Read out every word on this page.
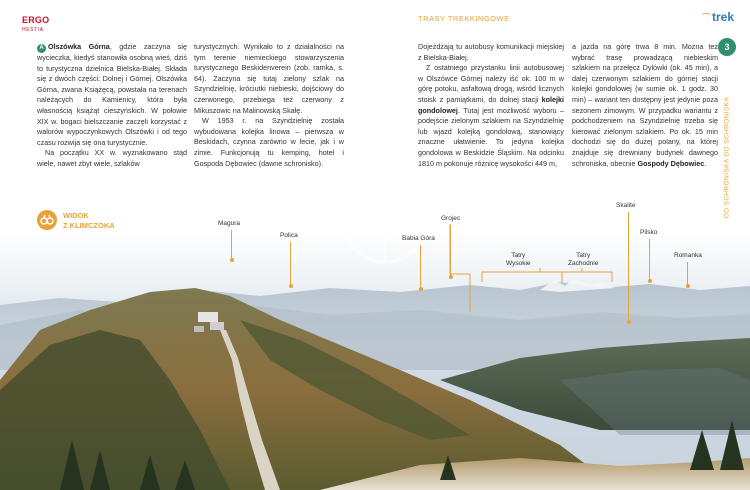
ERGO
HESTIA
TRASY TREKKINGOWE	⌒trek
3
OD SCHRONISKA DO SCHRONISKA

A Olszówka Górna, gdzie zaczyna się wycieczka, kiedyś stanowiła osobną wieś, dziś to turystyczna dzielnica Bielska-Białej. Składa się z dwóch części: Dolnej i Górnej. Olszówka Górna, zwana Książęcą, powstała na terenach należących do Kamienicy, która była własnością książąt cieszyńskich. W połowie XIX w. bogaci bielszczanie zaczęli korzystać z walorów wypoczynkowych Olszówki i od tego czasu rozwija się ona turystycznie.

Na początku XX w. wyznakowano stąd wiele, nawet zbyt wiele, szlaków

turystycznych. Wynikało to z działalności na tym terenie niemieckiego stowarzyszenia turystycznego Beskidenverein (zob. ramka, s. 64). Zaczyna się tutaj zielony szlak na Szyndzielnię, króciutki niebieski, dojściowy do czerwonego, przebiega też czerwony z Mikuszowic na Malinowską Skałę.

W 1953 r. na Szyndzielnię została wybudowana kolejka linowa – pierwsza w Beskidach, czynna zarówno w lecie, jak i w zimie. Funkcjonują tu kemping, hotel i Gospoda Dębowiec (dawne schronisko).

Dojeżdżają tu autobusy komunikacji miejskiej z Bielska-Białej.

Z ostatniego przystanku linii autobusowej w Olszówce Górnej należy iść ok. 100 m w górę potoku, asfaltową drogą, wśród licznych stoisk z pamiątkami, do dolnej stacji kolejki gondolowej. Tutaj jest możliwość wyboru – podejście zielonym szlakiem na Szyndzielnię lub wjazd kolejką gondolową, stanowiący znaczne ułatwienie. To jedyna kolejka gondolowa w Beskidzie Śląskim. Na odcinku 1810 m pokonuje różnicę wysokości 449 m,

a jazda na górę trwa 8 min. Można też wybrać trasę prowadzącą niebieskim szlakiem na przełęcz Dylówki (ok. 45 min), a dalej czerwonym szlakiem do górnej stacji kolejki gondolowej (w sumie ok. 1 godz. 30 min) – wariant ten dostępny jest jedynie poza sezonem zimowym. W przypadku wariantu z podchodzeniem na Szyndzielnię trzeba się kierować zielonym szlakiem. Po ok. 15 min dochodzi się do dużej polany, na której znajduje się drewniany budynek dawnego schroniska, obecnie Gospody Dębowiec.

WIDOK
Z KLIMCZOKA	Magura
Polica	Babia Góra
Grojec
Tatry
Wysokie
Tatry
Zachodnie
Skalite
Pilsko
Romanka
